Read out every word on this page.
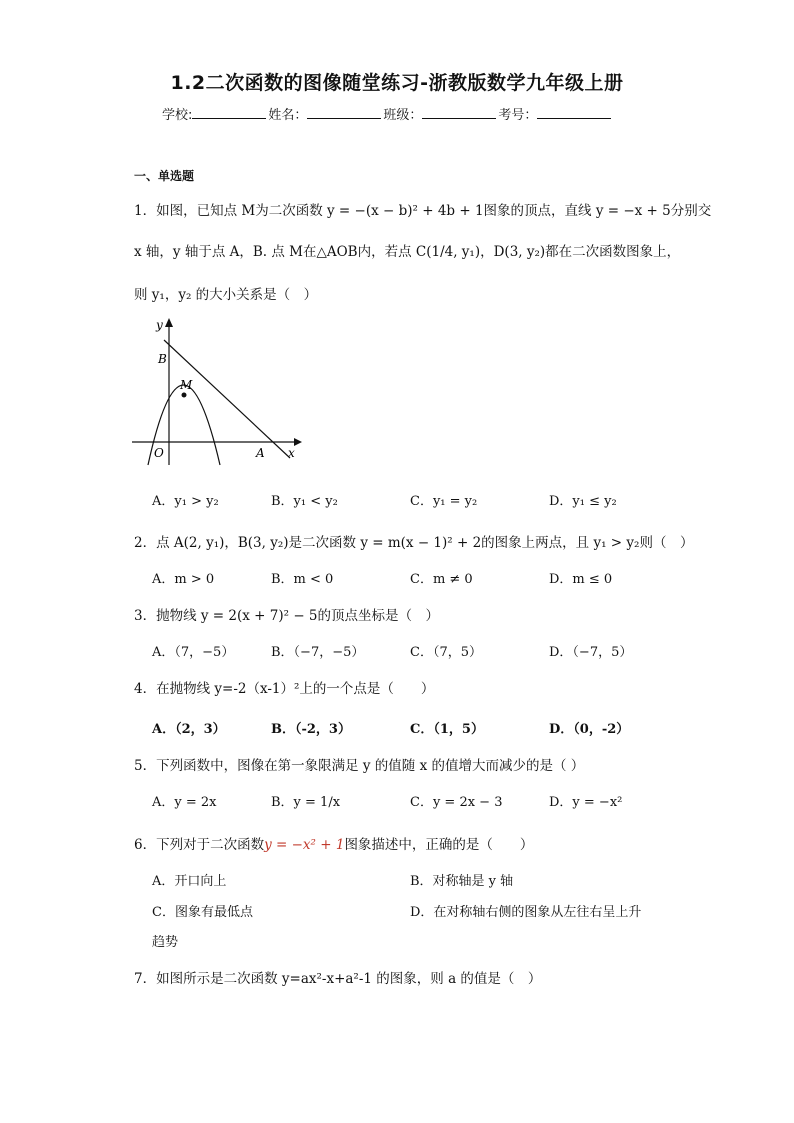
1.2二次函数的图像随堂练习-浙教版数学九年级上册
学校:	姓名：	班级：	考号：
一、单选题
1．如图，已知点 M为二次函数 y = −(x − b)² + 4b + 1图象的顶点，直线 y = −x + 5分别交
x 轴，y 轴于点 A，B. 点 M在△AOB内，若点 C(1/4, y₁)，D(3, y₂)都在二次函数图象上，
则 y₁，y₂ 的大小关系是（　）
y
x
B
M
O	A
A．y₁ > y₂	B．y₁ < y₂	C．y₁ = y₂	D．y₁ ≤ y₂
2．点 A(2, y₁)，B(3, y₂)是二次函数 y = m(x − 1)² + 2的图象上两点，且 y₁ > y₂则（　）
A．m > 0	B．m < 0	C．m ≠ 0	D．m ≤ 0
3．抛物线 y = 2(x + 7)² − 5的顶点坐标是（　）
A．（7，−5）	B．（−7，−5）	C．（7，5）	D．（−7，5）
4．在抛物线 y=-2（x-1）²上的一个点是（　　）
A．（2，3）	B．（-2，3）	C．（1，5）	D．（0，-2）
5．下列函数中，图像在第一象限满足 y 的值随 x 的值增大而减少的是（ ）
A．y = 2x	B．y = 1/x	C．y = 2x − 3	D．y = −x²
6．下列对于二次函数y = −x² + 1图象描述中，正确的是（　　）
A．开口向上	B．对称轴是 y 轴
C．图象有最低点	D．在对称轴右侧的图象从左往右呈上升
趋势
7．如图所示是二次函数 y=ax²-x+a²-1 的图象，则 a 的值是（　）
